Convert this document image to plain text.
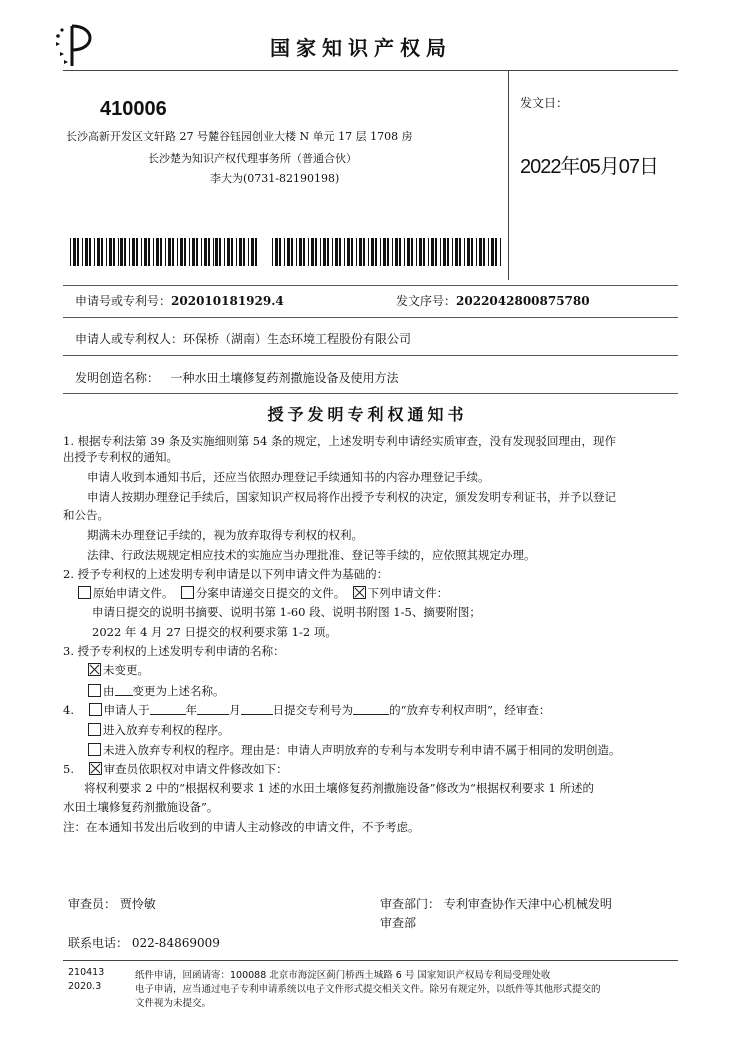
国家知识产权局
410006
长沙高新开发区文轩路 27 号麓谷钰园创业大楼 N 单元 17 层 1708 房
长沙楚为知识产权代理事务所（普通合伙）
李大为(0731-82190198)
发文日：
2022年05月07日
申请号或专利号：202010181929.4	发文序号：2022042800875780
申请人或专利权人：环保桥（湖南）生态环境工程股份有限公司
发明创造名称： 一种水田土壤修复药剂撒施设备及使用方法
授予发明专利权通知书
1. 根据专利法第 39 条及实施细则第 54 条的规定，上述发明专利申请经实质审查，没有发现驳回理由，现作
出授予专利权的通知。
申请人收到本通知书后，还应当依照办理登记手续通知书的内容办理登记手续。
申请人按期办理登记手续后，国家知识产权局将作出授予专利权的决定，颁发发明专利证书，并予以登记
和公告。
期满未办理登记手续的，视为放弃取得专利权的权利。
法律、行政法规规定相应技术的实施应当办理批准、登记等手续的，应依照其规定办理。
2. 授予专利权的上述发明专利申请是以下列申请文件为基础的：
原始申请文件。 分案申请递交日提交的文件。 下列申请文件：
申请日提交的说明书摘要、说明书第 1-60 段、说明书附图 1-5、摘要附图；
2022 年 4 月 27 日提交的权利要求第 1-2 项。
3. 授予专利权的上述发明专利申请的名称：
未变更。
由 变更为上述名称。
4.	申请人于	年	月	日提交专利号为	的“放弃专利权声明”，经审查：
进入放弃专利权的程序。
未进入放弃专利权的程序。理由是：申请人声明放弃的专利与本发明专利申请不属于相同的发明创造。
5.	审查员依职权对申请文件修改如下：
将权利要求 2 中的“根据权利要求 1 述的水田土壤修复药剂撒施设备”修改为“根据权利要求 1 所述的
水田土壤修复药剂撒施设备”。
注：在本通知书发出后收到的申请人主动修改的申请文件，不予考虑。
审查员： 贾怜敏	审查部门： 专利审查协作天津中心机械发明
审查部
联系电话： 022-84869009
210413
2020.3
纸件申请，回函请寄：100088 北京市海淀区蓟门桥西土城路 6 号 国家知识产权局专利局受理处收
电子申请，应当通过电子专利申请系统以电子文件形式提交相关文件。除另有规定外，以纸件等其他形式提交的
文件视为未提交。
